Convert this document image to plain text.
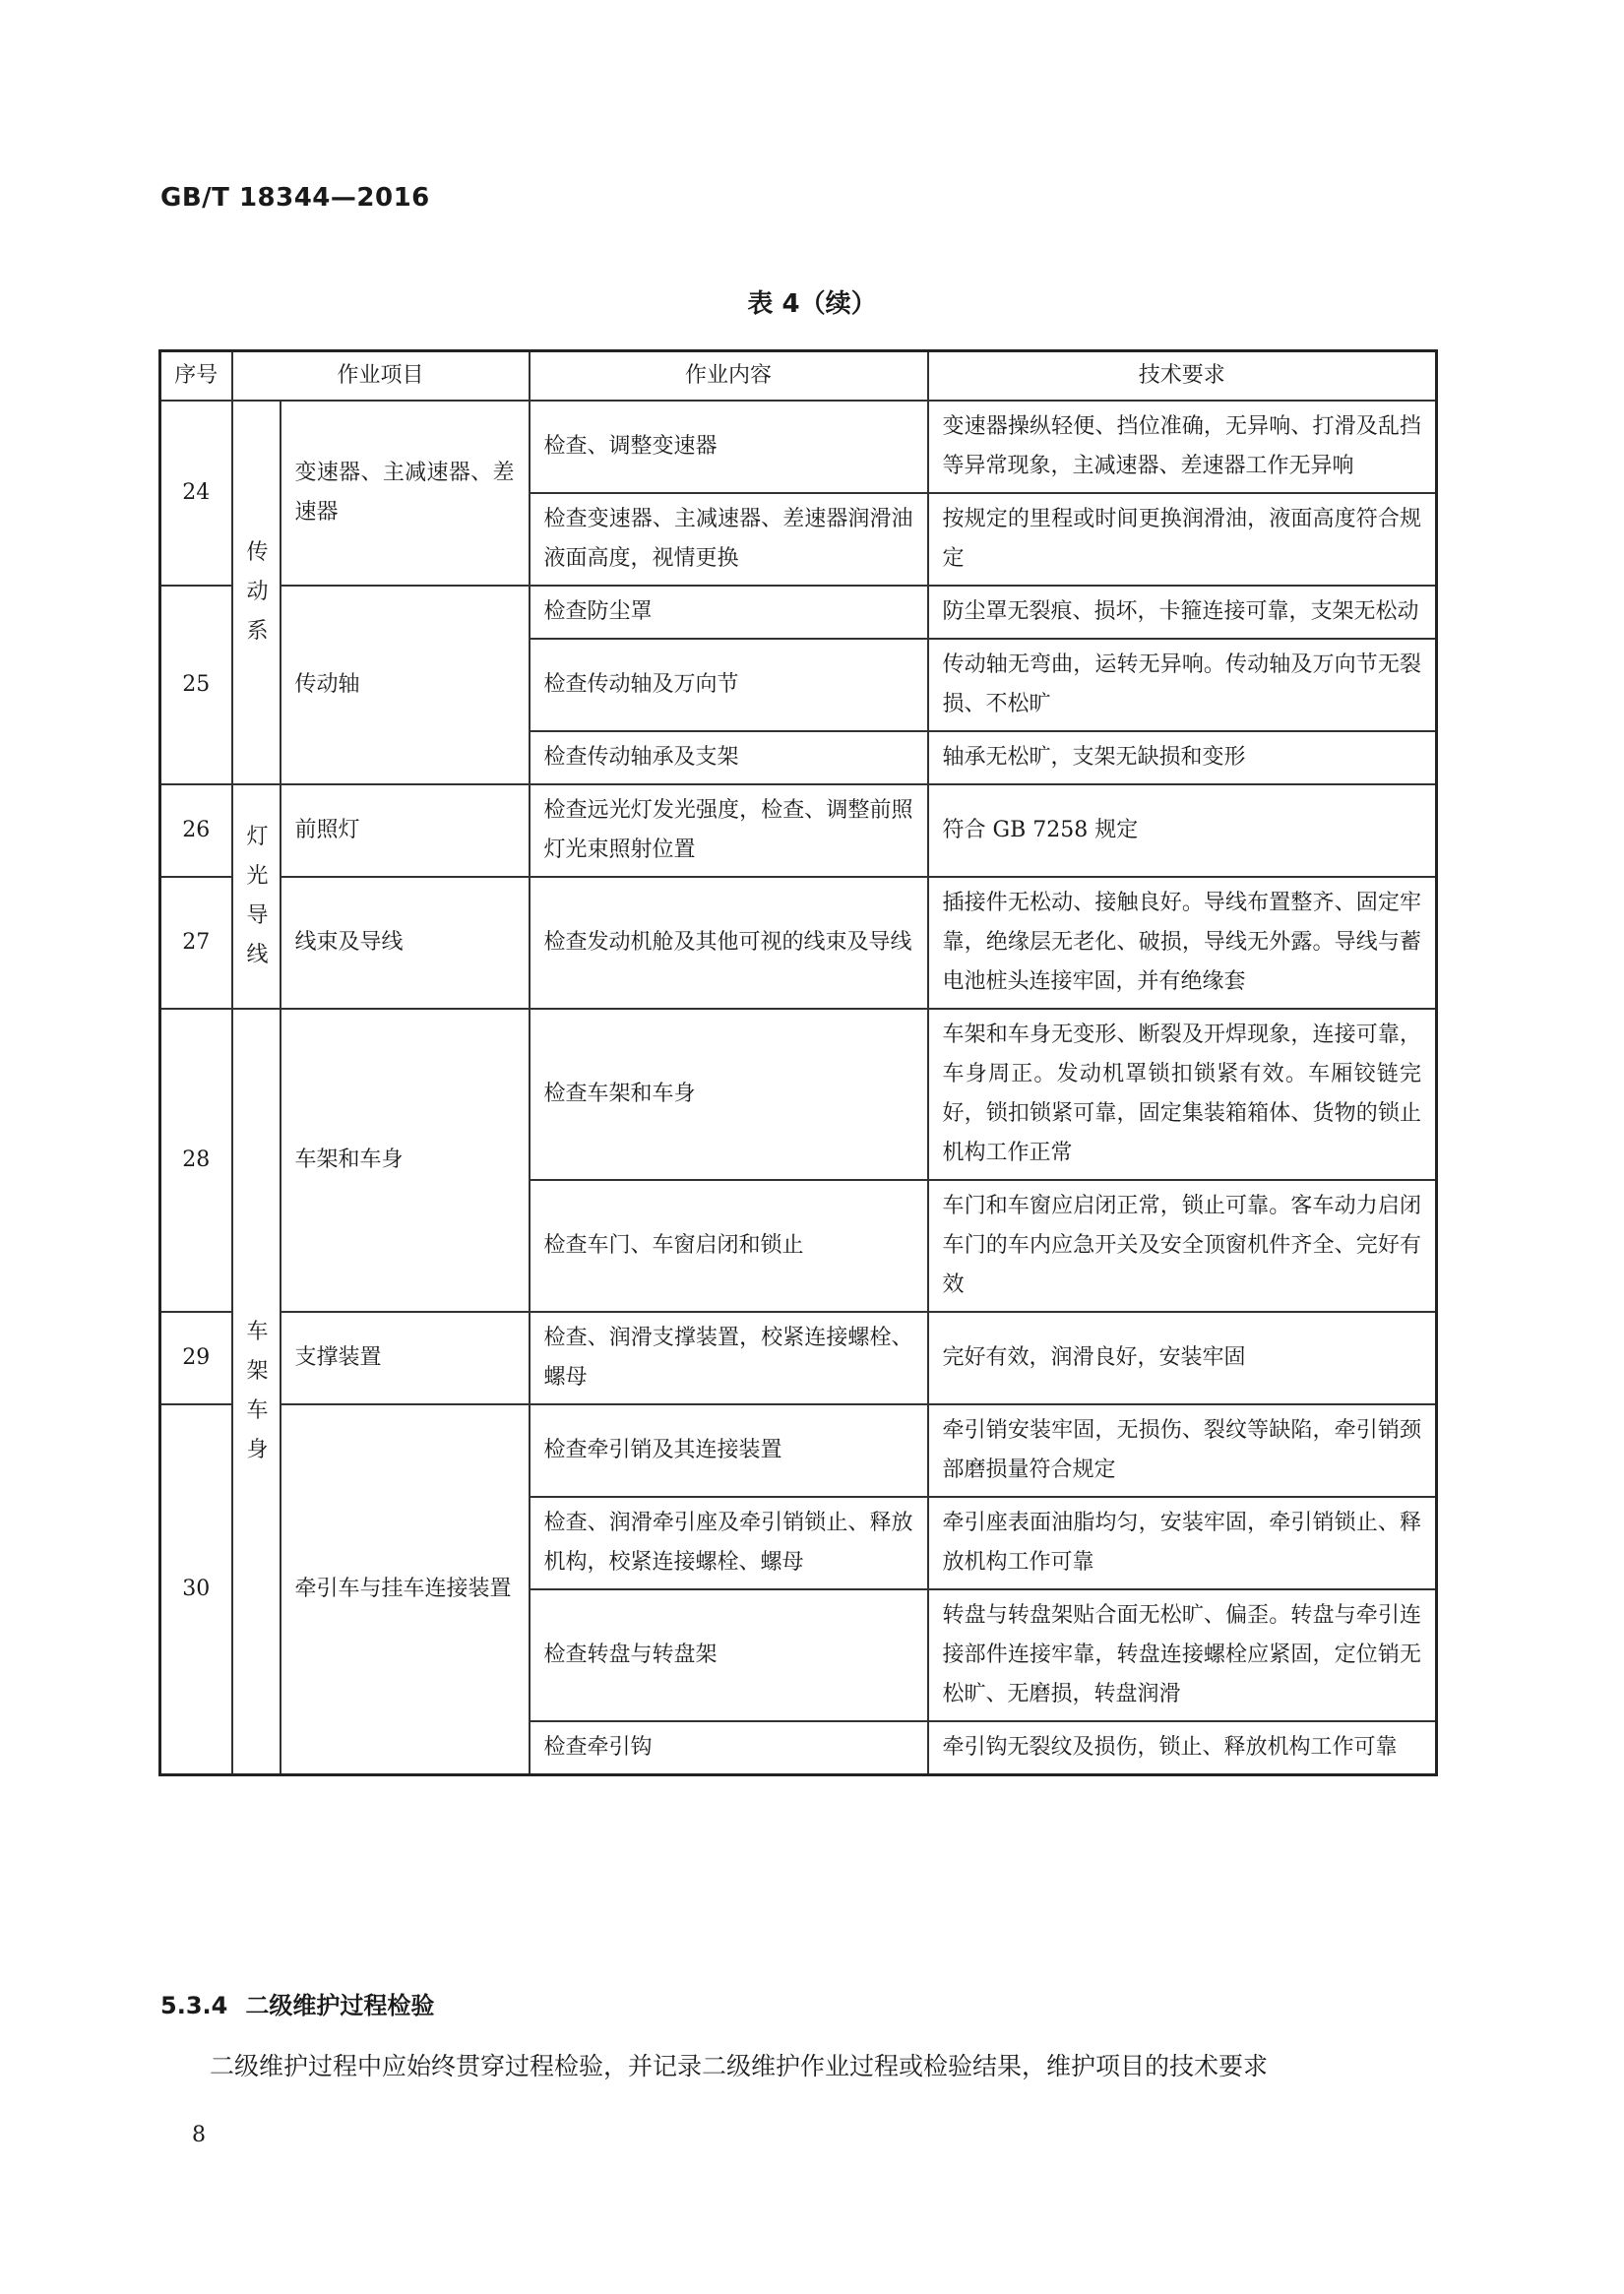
GB/T 18344—2016
表 4（续）
序号	作业项目		作业内容	技术要求
24	传动系	变速器、主减速器、差速器	检查、调整变速器	变速器操纵轻便、挡位准确，无异响、打滑及乱挡等异常现象，主减速器、差速器工作无异响
			检查变速器、主减速器、差速器润滑油液面高度，视情更换	按规定的里程或时间更换润滑油，液面高度符合规定
25		传动轴	检查防尘罩	防尘罩无裂痕、损坏，卡箍连接可靠，支架无松动
			检查传动轴及万向节	传动轴无弯曲，运转无异响。传动轴及万向节无裂损、不松旷
			检查传动轴承及支架	轴承无松旷，支架无缺损和变形
26	灯光导线	前照灯	检查远光灯发光强度，检查、调整前照灯光束照射位置	符合 GB 7258 规定
27		线束及导线	检查发动机舱及其他可视的线束及导线	插接件无松动、接触良好。导线布置整齐、固定牢靠，绝缘层无老化、破损，导线无外露。导线与蓄电池桩头连接牢固，并有绝缘套
28	车架车身	车架和车身	检查车架和车身	车架和车身无变形、断裂及开焊现象，连接可靠，车身周正。发动机罩锁扣锁紧有效。车厢铰链完好，锁扣锁紧可靠，固定集装箱箱体、货物的锁止机构工作正常
			检查车门、车窗启闭和锁止	车门和车窗应启闭正常，锁止可靠。客车动力启闭车门的车内应急开关及安全顶窗机件齐全、完好有效
29		支撑装置	检查、润滑支撑装置，校紧连接螺栓、螺母	完好有效，润滑良好，安装牢固
30		牵引车与挂车连接装置	检查牵引销及其连接装置	牵引销安装牢固，无损伤、裂纹等缺陷，牵引销颈部磨损量符合规定
			检查、润滑牵引座及牵引销锁止、释放机构，校紧连接螺栓、螺母	牵引座表面油脂均匀，安装牢固，牵引销锁止、释放机构工作可靠
			检查转盘与转盘架	转盘与转盘架贴合面无松旷、偏歪。转盘与牵引连接部件连接牢靠，转盘连接螺栓应紧固，定位销无松旷、无磨损，转盘润滑
			检查牵引钩	牵引钩无裂纹及损伤，锁止、释放机构工作可靠
5.3.4 二级维护过程检验
二级维护过程中应始终贯穿过程检验，并记录二级维护作业过程或检验结果，维护项目的技术要求
8
